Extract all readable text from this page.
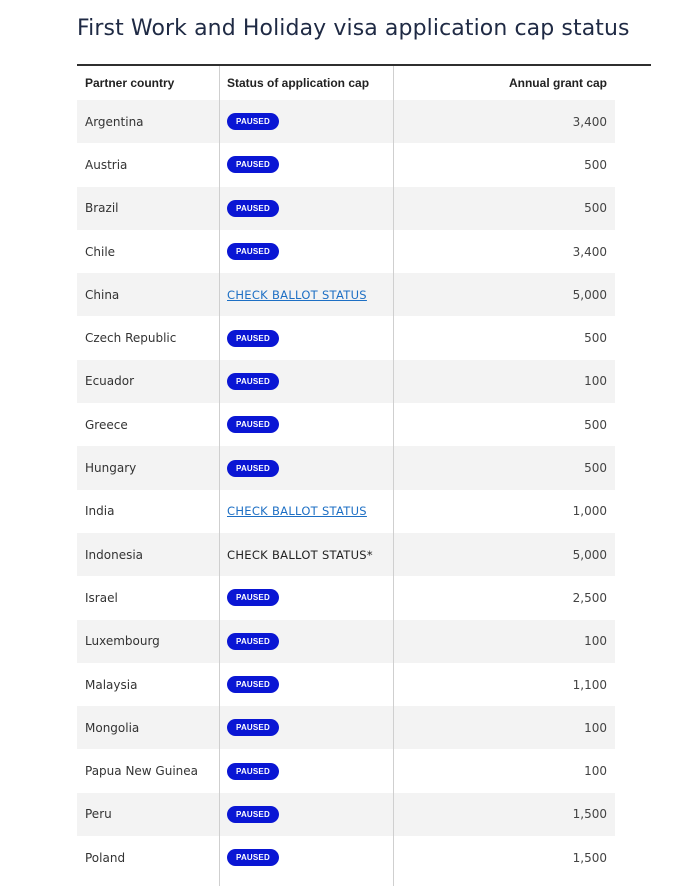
First Work and Holiday visa application cap status
Partner country	Status of application cap	Annual grant cap
Argentina	PAUSED	3,400
Austria	PAUSED	500
Brazil	PAUSED	500
Chile	PAUSED	3,400
China	CHECK BALLOT STATUS	5,000
Czech Republic	PAUSED	500
Ecuador	PAUSED	100
Greece	PAUSED	500
Hungary	PAUSED	500
India	CHECK BALLOT STATUS	1,000
Indonesia	CHECK BALLOT STATUS*	5,000
Israel	PAUSED	2,500
Luxembourg	PAUSED	100
Malaysia	PAUSED	1,100
Mongolia	PAUSED	100
Papua New Guinea	PAUSED	100
Peru	PAUSED	1,500
Poland	PAUSED	1,500
